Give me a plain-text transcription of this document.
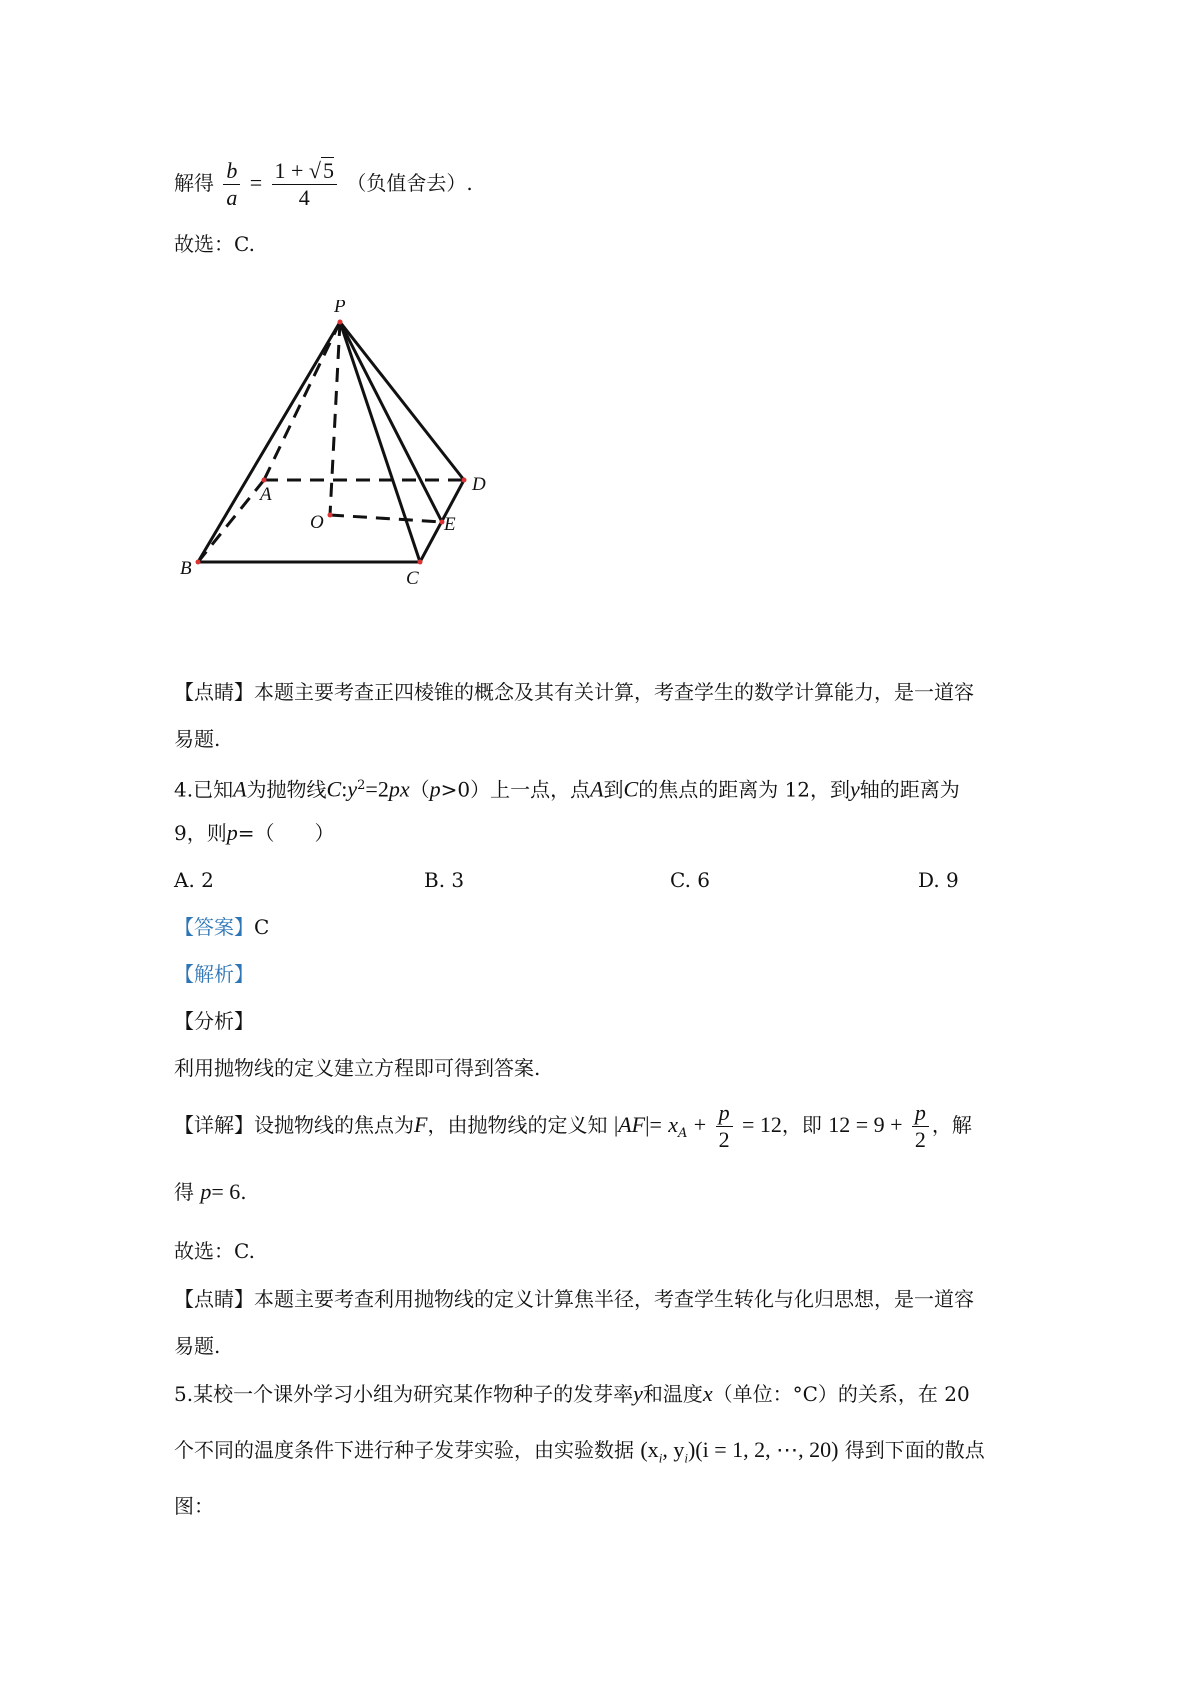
解得 $\frac{b}{a} = \frac{1 + √5}{4}$ （负值舍去）.
故选：C.
P
A	D
O	E
B	C
【点睛】本题主要考查正四棱锥的概念及其有关计算，考查学生的数学计算能力，是一道容
易题.
4.已知A为抛物线$C:y^2=2px(p>0)$上一点，点A到C的焦点的距离为 12，到y轴的距离为
9，则p=（　　）
A. 2	B. 3	C. 6	D. 9
【答案】C
【解析】
【分析】
利用抛物线的定义建立方程即可得到答案.
【详解】设抛物线的焦点为F，由抛物线的定义知 $|AF|= x_A + \frac{p}{2} = 12$，即 $12 = 9 + \frac{p}{2}$ ，解
得 p= 6.
故选：C.
【点睛】本题主要考查利用抛物线的定义计算焦半径，考查学生转化与化归思想，是一道容
易题.
5.某校一个课外学习小组为研究某作物种子的发芽率y和温度x（单位：°C）的关系，在 20
个不同的温度条件下进行种子发芽实验，由实验数据 ($x_i$, $y_i)(i = 1$, 2, ⋯, 20) 得到下面的散点
图：
